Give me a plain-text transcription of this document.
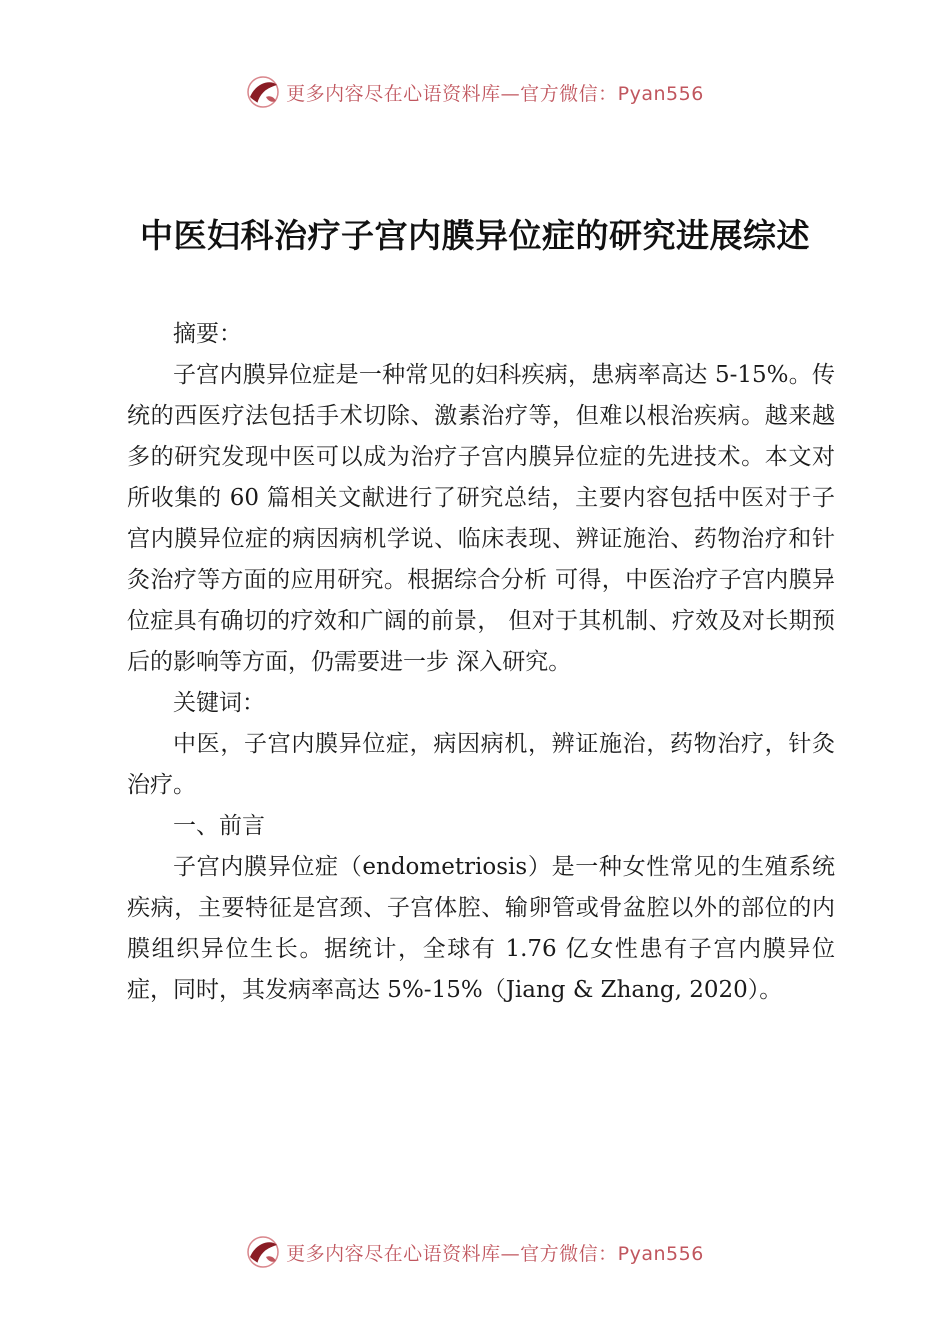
更多内容尽在心语资料库—官方微信：Pyan556
中医妇科治疗子宫内膜异位症的研究进展综述

摘要：

子宫内膜异位症是一种常见的妇科疾病，患病率高达 5-15%。传统的西医疗法包括手术切除、激素治疗等，但难以根治疾病。越来越多的研究发现中医可以成为治疗子宫内膜异位症的先进技术。本文对所收集的 60 篇相关文献进行了研究总结，主要内容包括中医对于子宫内膜异位症的病因病机学说、临床表现、辨证施治、药物治疗和针灸治疗等方面的应用研究。根据综合分析 可得，中医治疗子宫内膜异位症具有确切的疗效和广阔的前景， 但对于其机制、疗效及对长期预后的影响等方面，仍需要进一步 深入研究。

关键词：

中医，子宫内膜异位症，病因病机，辨证施治，药物治疗，针灸治疗。

一、前言

子宫内膜异位症（endometriosis）是一种女性常见的生殖系统疾病，主要特征是宫颈、子宫体腔、输卵管或骨盆腔以外的部位的内膜组织异位生长。据统计，全球有 1.76 亿女性患有子宫内膜异位症，同时，其发病率高达 5%-15%（Jiang & Zhang, 2020）。

更多内容尽在心语资料库—官方微信：Pyan556
